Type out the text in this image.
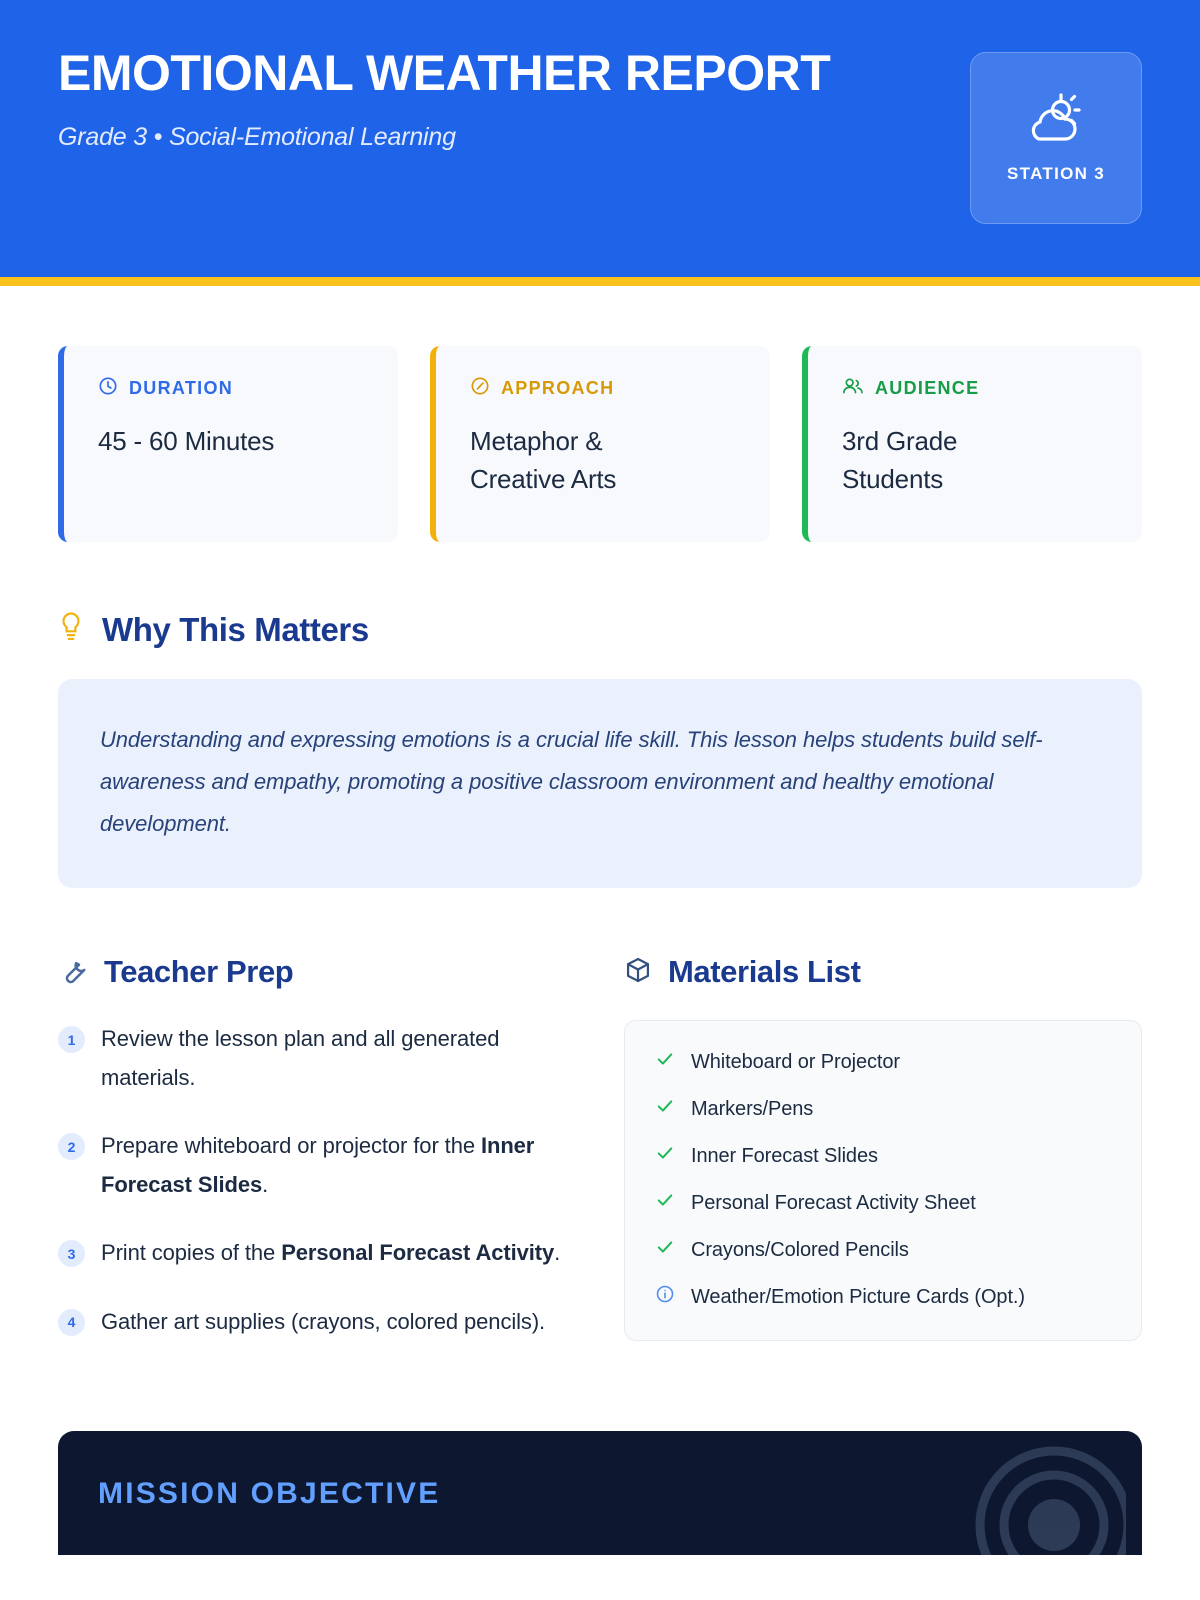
EMOTIONAL WEATHER REPORT
Grade 3 • Social-Emotional Learning
STATION 3
DURATION
45 - 60 Minutes
APPROACH
Metaphor &
Creative Arts
AUDIENCE
3rd Grade
Students
Why This Matters

Understanding and expressing emotions is a crucial life skill. This lesson helps students build self-awareness and empathy, promoting a positive classroom environment and healthy emotional development.

Teacher Prep
1	Review the lesson plan and all generated materials.
2	Prepare whiteboard or projector for the Inner Forecast Slides.
3	Print copies of the Personal Forecast Activity.
4	Gather art supplies (crayons, colored pencils).
Materials List
Whiteboard or Projector
Markers/Pens
Inner Forecast Slides
Personal Forecast Activity Sheet
Crayons/Colored Pencils
Weather/Emotion Picture Cards (Opt.)
MISSION OBJECTIVE
